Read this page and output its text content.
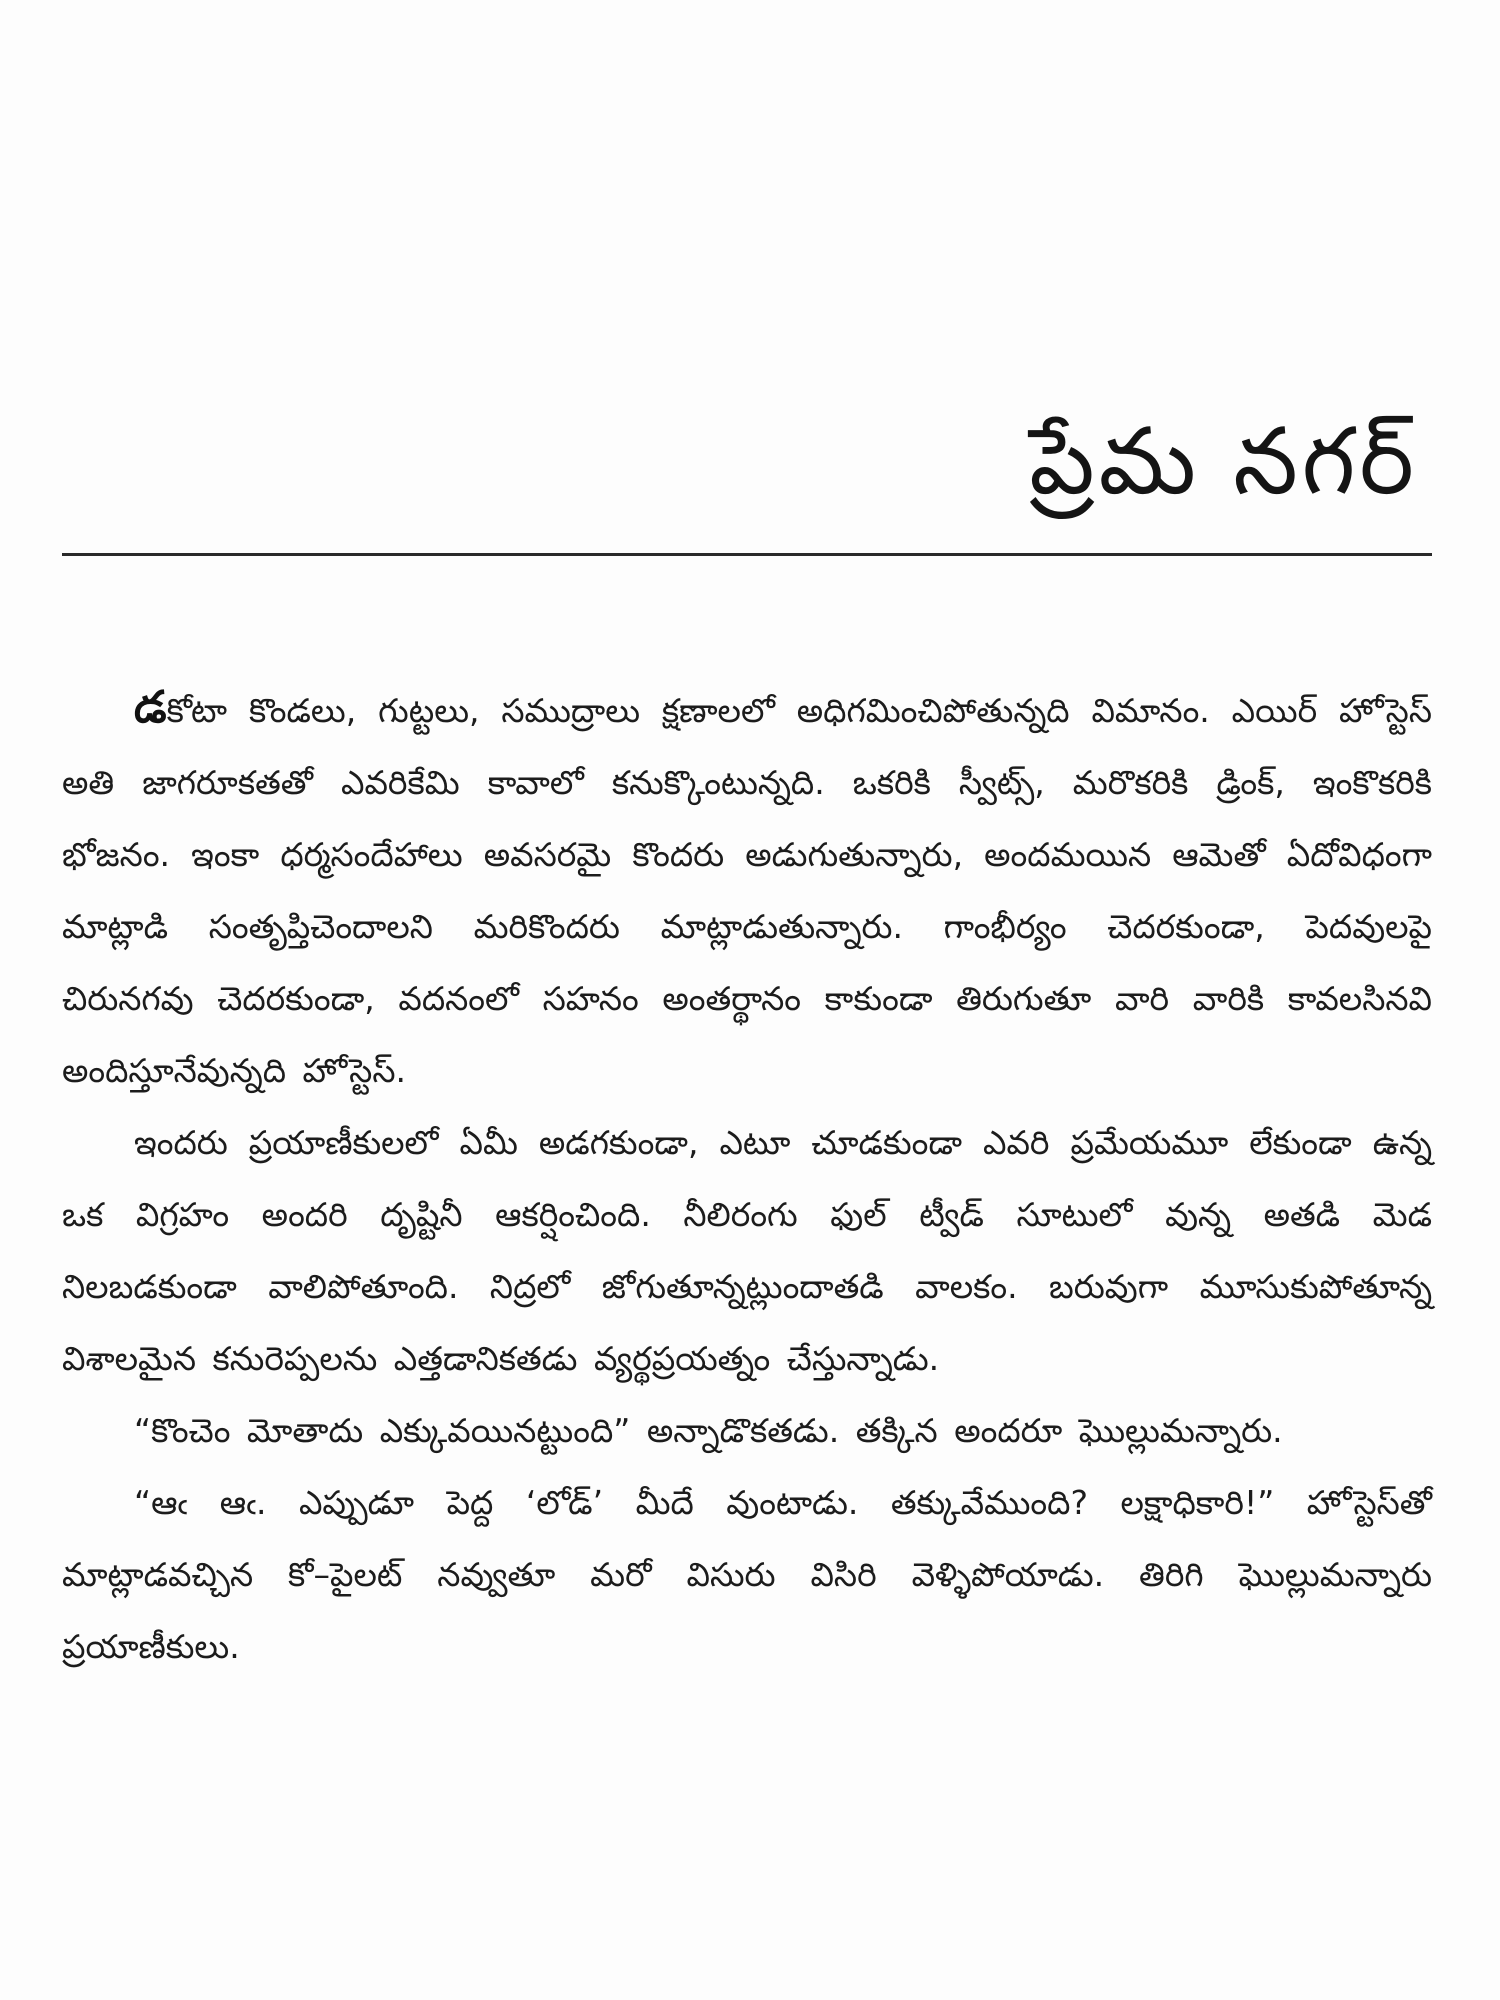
ప్రేమ నగర్

డకోటా కొండలు, గుట్టలు, సముద్రాలు క్షణాలలో అధిగమించిపోతున్నది విమానం. ఎయిర్ హోస్టెస్ అతి జాగరూకతతో ఎవరికేమి కావాలో కనుక్కొంటున్నది. ఒకరికి స్వీట్స్, మరొకరికి డ్రింక్, ఇంకొకరికి భోజనం. ఇంకా ధర్మసందేహాలు అవసరమై కొందరు అడుగుతున్నారు, అందమయిన ఆమెతో ఏదోవిధంగా మాట్లాడి సంతృప్తిచెందాలని మరికొందరు మాట్లాడుతున్నారు. గాంభీర్యం చెదరకుండా, పెదవులపై చిరునగవు చెదరకుండా, వదనంలో సహనం అంతర్థానం కాకుండా తిరుగుతూ వారి వారికి కావలసినవి అందిస్తూనేవున్నది హోస్టెస్.

ఇందరు ప్రయాణీకులలో ఏమీ అడగకుండా, ఎటూ చూడకుండా ఎవరి ప్రమేయమూ లేకుండా ఉన్న ఒక విగ్రహం అందరి దృష్టినీ ఆకర్షించింది. నీలిరంగు ఫుల్ ట్వీడ్ సూటులో వున్న అతడి మెడ నిలబడకుండా వాలిపోతూంది. నిద్రలో జోగుతూన్నట్లుందాతడి వాలకం. బరువుగా మూసుకుపోతూన్న విశాలమైన కనురెప్పలను ఎత్తడానికతడు వ్యర్థప్రయత్నం చేస్తున్నాడు.

“కొంచెం మోతాదు ఎక్కువయినట్టుంది” అన్నాడొకతడు. తక్కిన అందరూ ఘొల్లుమన్నారు.

“ఆఁ ఆఁ. ఎప్పుడూ పెద్ద ‘లోడ్’ మీదే వుంటాడు. తక్కువేముంది? లక్షాధికారి!” హోస్టెస్‌తో మాట్లాడవచ్చిన కో–పైలట్ నవ్వుతూ మరో విసురు విసిరి వెళ్ళిపోయాడు. తిరిగి ఘొల్లుమన్నారు ప్రయాణీకులు.
